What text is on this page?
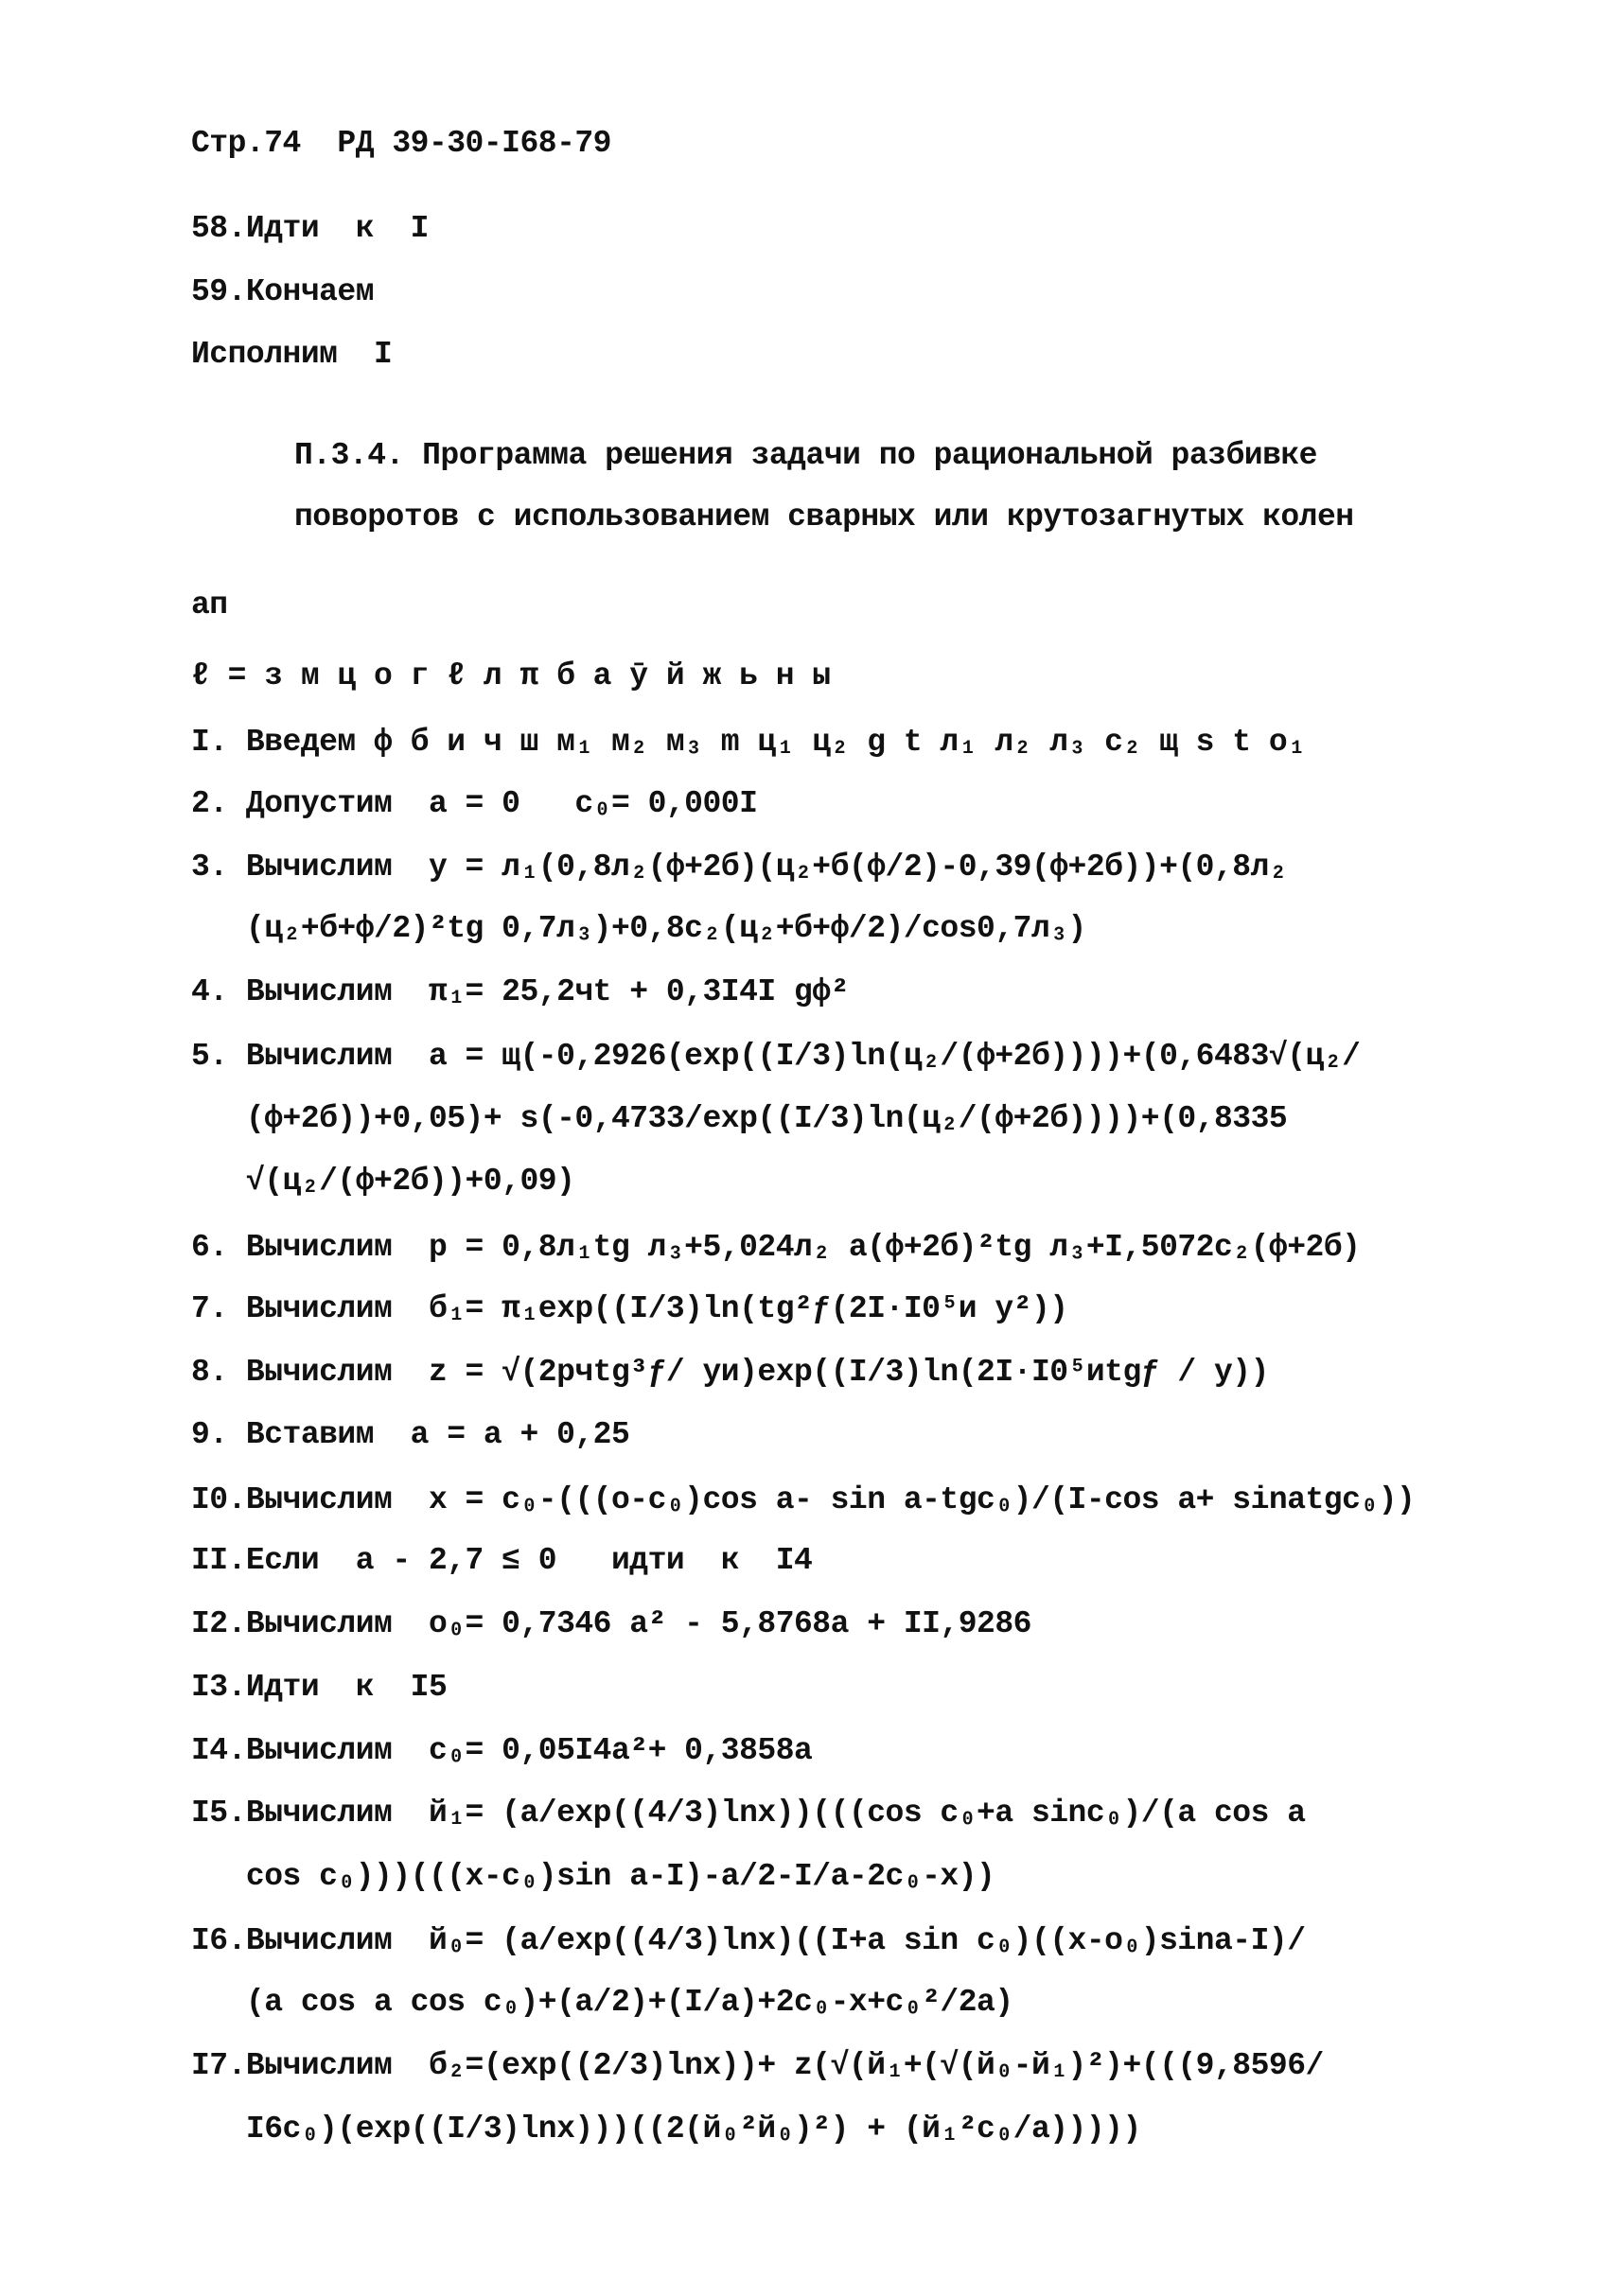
Стр.74  РД 39-30-I68-79
58.Идти  к  I
59.Кончаем
Исполним  I
П.3.4. Программа решения задачи по рациональной разбивке
поворотов с использованием сварных или крутозагнутых колен
ап
ℓ = з м ц о г ℓ л π б а ӯ й ж ь н ы
I. Введем ф б и ч ш м₁ м₂ м₃ m ц₁ ц₂ g t л₁ л₂ л₃ с₂ щ s t о₁
2. Допустим  а = 0   с₀= 0,000I
3. Вычислим  y = л₁(0,8л₂(ф+2б)(ц₂+б(ф/2)-0,39(ф+2б))+(0,8л₂
(ц₂+б+ф/2)²tg 0,7л₃)+0,8с₂(ц₂+б+ф/2)/cos0,7л₃)
4. Вычислим  π₁= 25,2чt + 0,3I4I gф²
5. Вычислим  а = щ(-0,2926(exp((I/3)ln(ц₂/(ф+2б))))+(0,6483√(ц₂/
(ф+2б))+0,05)+ s(-0,4733/exp((I/3)ln(ц₂/(ф+2б))))+(0,8335
√(ц₂/(ф+2б))+0,09)
6. Вычислим  p = 0,8л₁tg л₃+5,024л₂ а(ф+2б)²tg л₃+I,5072с₂(ф+2б)
7. Вычислим  б₁= π₁exp((I/3)ln(tg²ƒ(2I·I0⁵и y²))
8. Вычислим  z = √(2pчtg³ƒ/ yи)exp((I/3)ln(2I·I0⁵иtgƒ / y))
9. Вставим  а = а + 0,25
I0.Вычислим  x = с₀-(((о-с₀)cos а- sin а-tgс₀)/(I-cos а+ sinаtgс₀))
II.Если  а - 2,7 ≤ 0   идти  к  I4
I2.Вычислим  о₀= 0,7346 а² - 5,8768а + II,9286
I3.Идти  к  I5
I4.Вычислим  с₀= 0,05I4а²+ 0,3858а
I5.Вычислим  й₁= (а/exp((4/3)lnx))(((cos с₀+а sinс₀)/(а cos а
cos с₀)))(((x-с₀)sin а-I)-а/2-I/а-2с₀-x))
I6.Вычислим  й₀= (а/exp((4/3)lnx)((I+а sin с₀)((x-о₀)sinа-I)/
(а cos а cos с₀)+(а/2)+(I/а)+2с₀-x+с₀²/2а)
I7.Вычислим  б₂=(exp((2/3)lnx))+ z(√(й₁+(√(й₀-й₁)²)+(((9,8596/
I6с₀)(exp((I/3)lnx)))((2(й₀²й₀)²) + (й₁²с₀/а)))))
